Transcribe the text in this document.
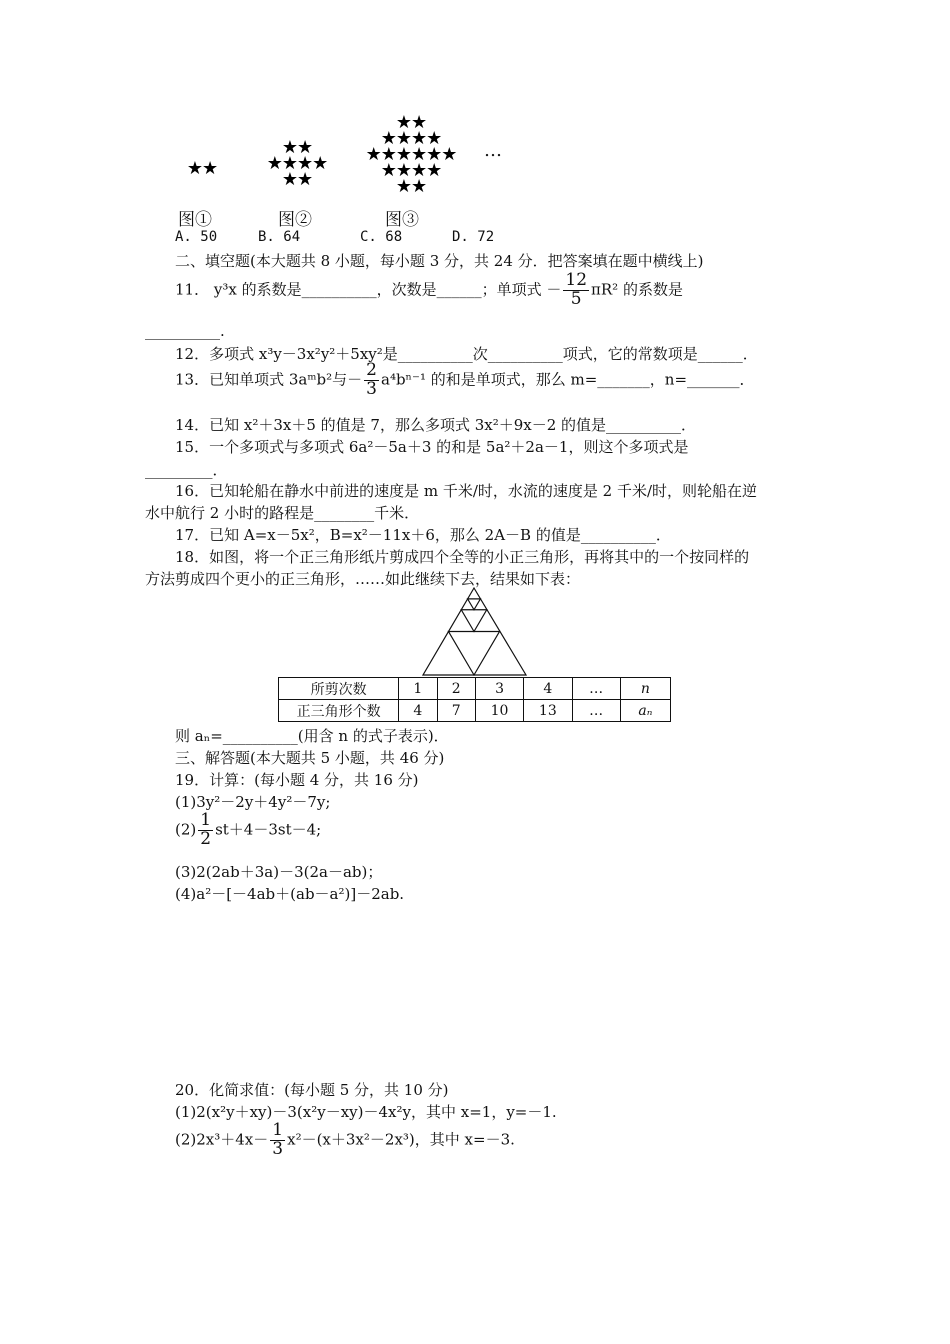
★★
★★
★★★★
★★
★★
★★★★
★★★★★★
★★★★
★★
…
图①	图②	图③
A. 50	B. 64	C. 68	D. 72
二、填空题(本大题共 8 小题，每小题 3 分，共 24 分．把答案填在题中横线上)
11． y³x 的系数是__________，次数是______；单项式 － $\frac{12}{5} \pi R^2$ 的系数是
__________.
12．多项式 x³y－3x²y²＋5xy²是__________次__________项式，它的常数项是______．
13．已知单项式 3aᵐb²与－ $\frac{2}{3} a^4b^{n-1}$ 的和是单项式，那么 m=_______，n=_______．
14．已知 x²＋3x＋5 的值是 7，那么多项式 3x²＋9x－2 的值是__________．
15．一个多项式与多项式 6a²－5a＋3 的和是 5a²＋2a－1，则这个多项式是
_________．
16．已知轮船在静水中前进的速度是 m 千米/时，水流的速度是 2 千米/时，则轮船在逆
水中航行 2 小时的路程是________千米．
17．已知 A=x－5x²，B=x²－11x＋6，那么 2A－B 的值是__________．
18．如图，将一个正三角形纸片剪成四个全等的小正三角形，再将其中的一个按同样的
方法剪成四个更小的正三角形，……如此继续下去，结果如下表：
所剪次数	1	2	3	4	…	n
正三角形个数	4	7	10	13	…	aₙ
则 aₙ=__________(用含 n 的式子表示)．
三、解答题(本大题共 5 小题，共 46 分)
19．计算：(每小题 4 分，共 16 分)
(1)3y²－2y＋4y²－7y;
$(2) \frac{1}{2} st+4-3st-4$;
(3)2(2ab＋3a)－3(2a－ab)；
(4)a²－[－4ab＋(ab－a²)]－2ab.
20．化简求值：(每小题 5 分，共 10 分)
(1)2(x²y＋xy)－3(x²y－xy)－4x²y，其中 x=1，y=－1.
$(2)2x^3+4x- \frac{1}{3} x^2-(x+3x^2-2x^3)$，其中 x=－3.
